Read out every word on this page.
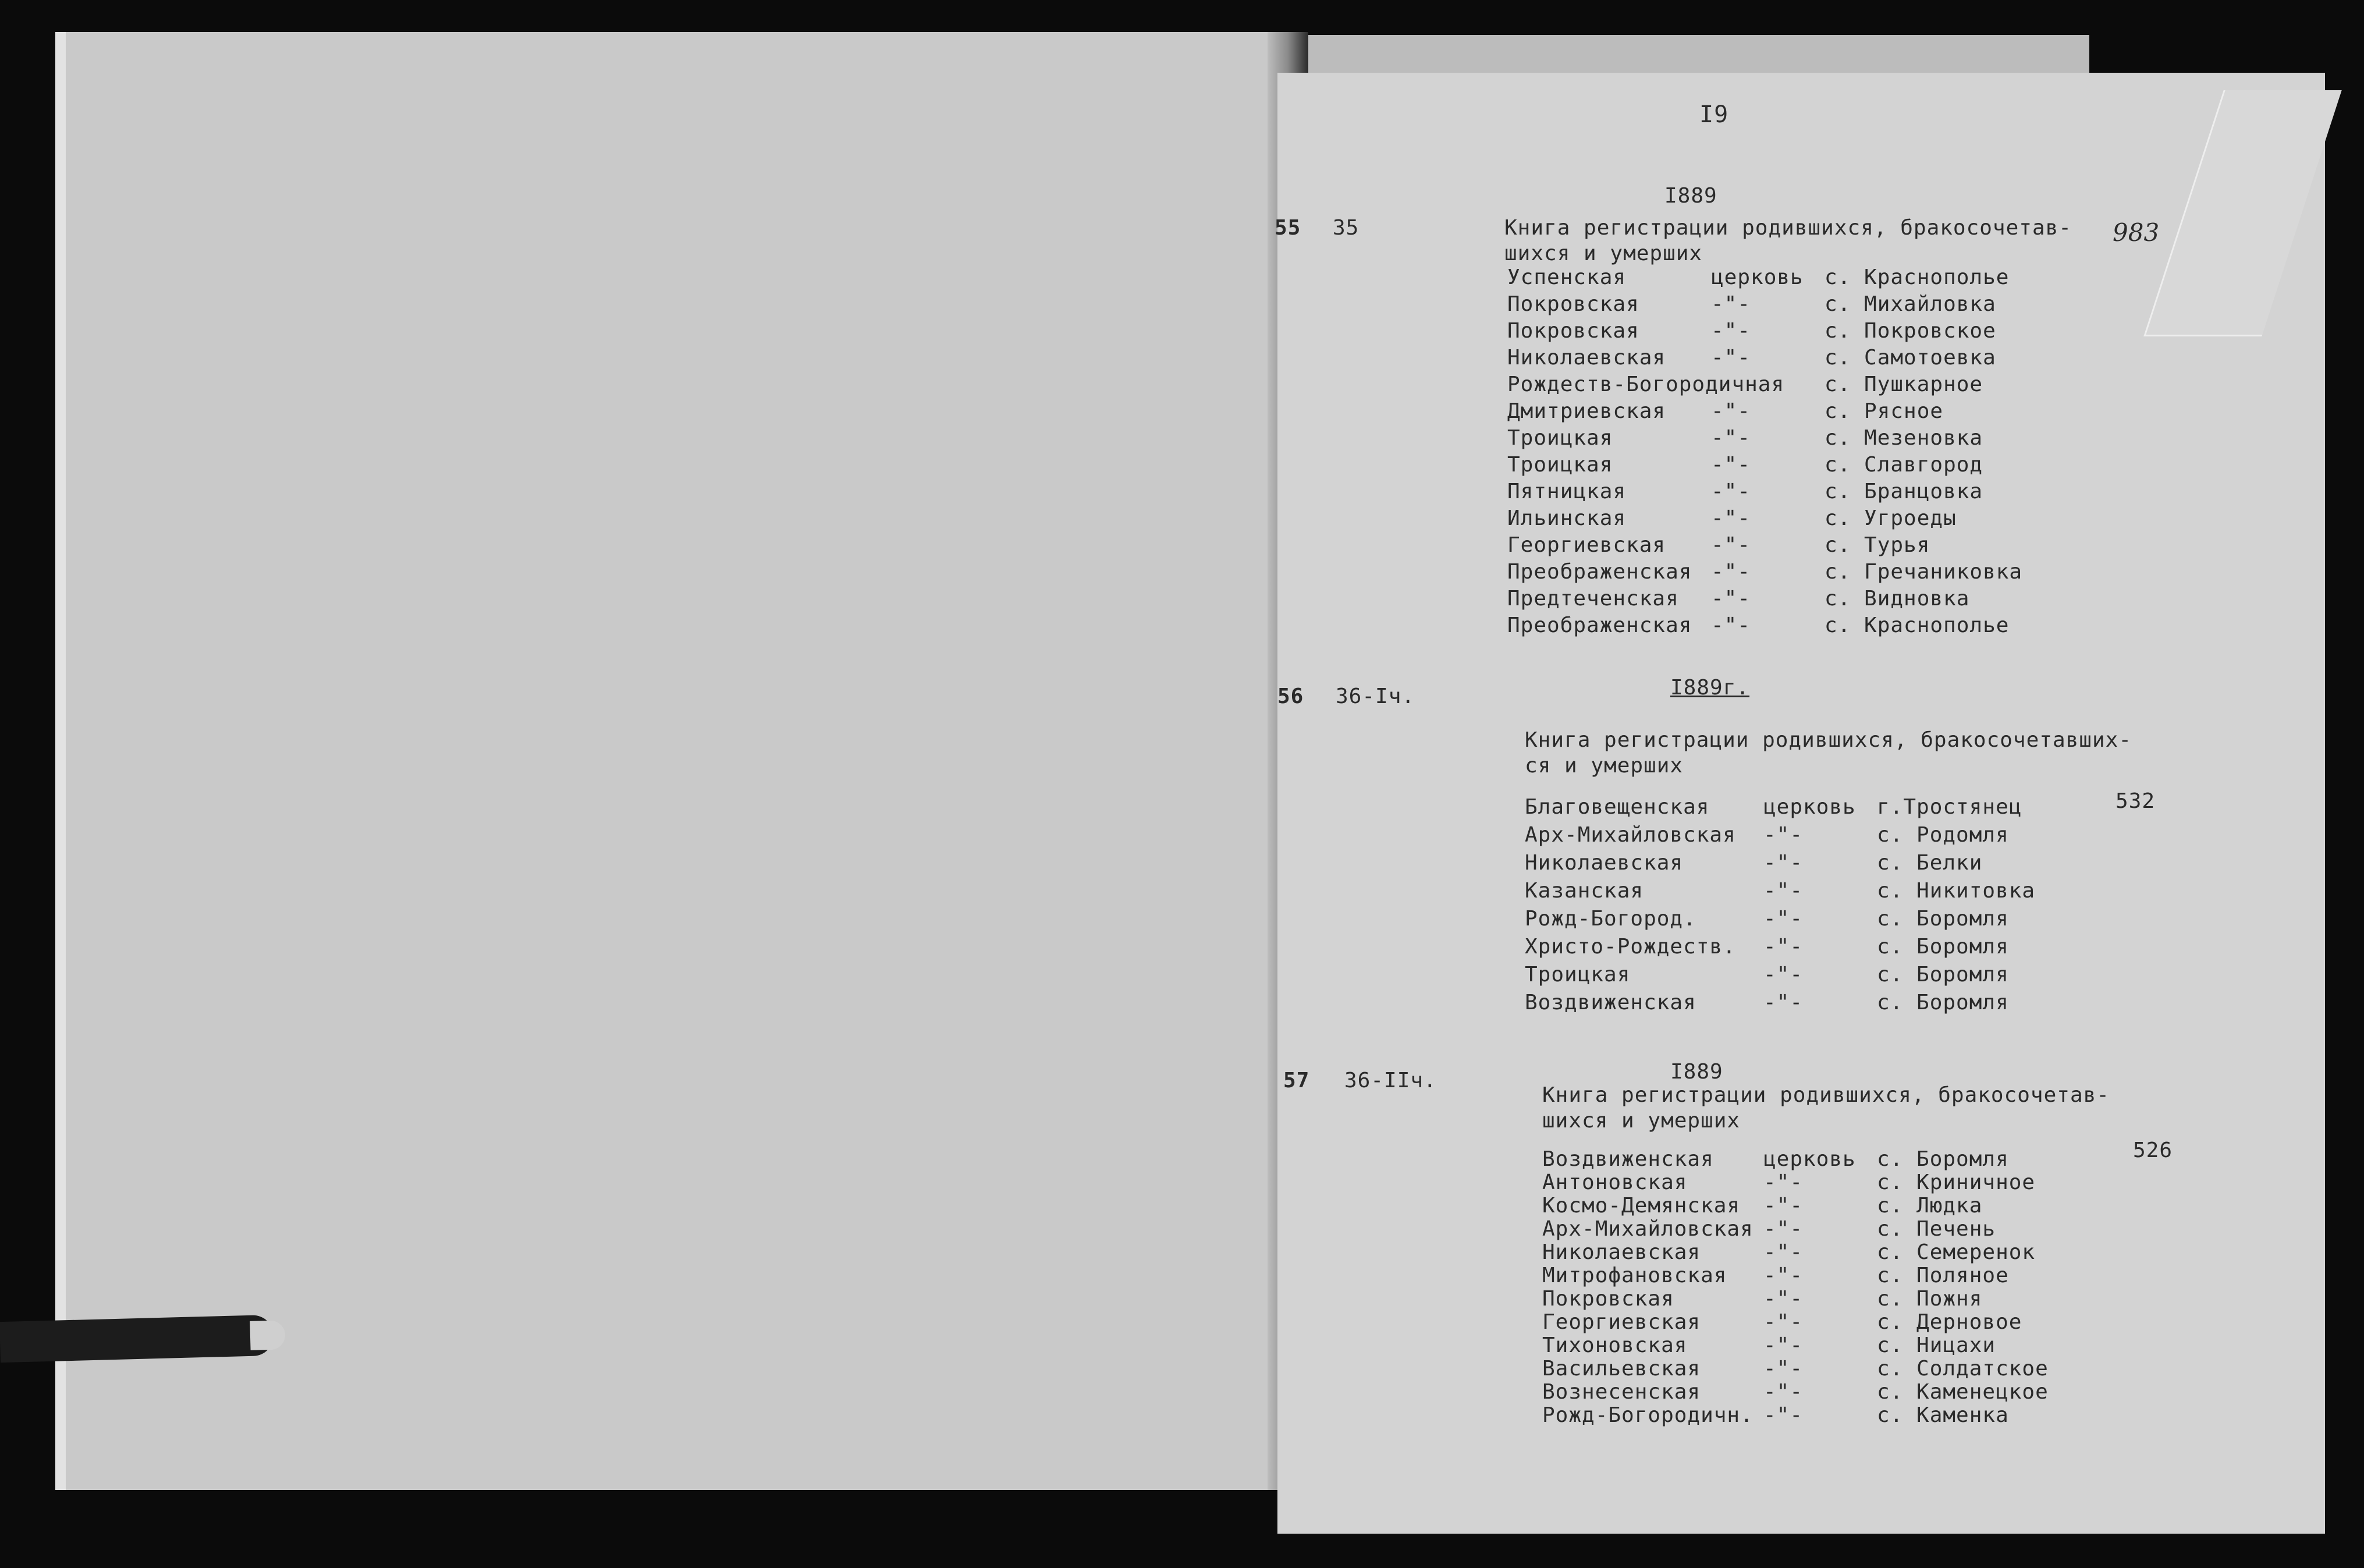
I9
983
55 35
I889
Книга регистрации родившихся, бракосочетав-
шихся и умерших
Успенская	церковь с. Краснополье
Покровская	-"-	с. Михайловка
Покровская	-"-	с. Покровское
Николаевская -"-	с. Самотоевка
Рождеств-Богородичная с. Пушкарное
Дмитриевская -"-	с. Рясное
Троицкая	-"-	с. Мезеновка
Троицкая	-"-	с. Славгород
Пятницкая	-"-	с. Бранцовка
Ильинская	-"-	с. Угроеды
Георгиевская -"-	с. Турья
Преображенская -"-	с. Гречаниковка
Предтеченская -"-	с. Виднoвка
Преображенская -"-	с. Краснополье
56 36-Iч.	I889г.
Книга регистрации родившихся, бракосочетавших-
ся и умерших
532
Благовещенская	церковь г.Тростянец
Арх-Михайловская -"-	с. Родомля
Николаевская	-"-	с. Белки
Казанская	-"-	с. Никитовка
Рожд-Богород.	-"-	с. Боромля
Христо-Рождеств. -"-	с. Боромля
Троицкая	-"-	с. Боромля
Воздвиженская	-"-	с. Боромля
57 36-IIч.	I889
Книга регистрации родившихся, бракосочетав-
шихся и умерших
526
Воздвиженская церковь с. Боромля
Антоновская	-"-	с. Криничное
Космо-Демянская -"-	с. Людка
Арх-Михайловская -"-	с. Печень
Николаевская	-"-	с. Семеренок
Митрофановская -"-	с. Поляное
Покровская	-"-	с. Пожня
Георгиевская	-"-	с. Дерновое
Тихоновская	-"-	с. Ницахи
Васильевская	-"-	с. Солдатское
Вознесенская	-"-	с. Каменецкое
Рожд-Богородичн. -"-	с. Каменка
